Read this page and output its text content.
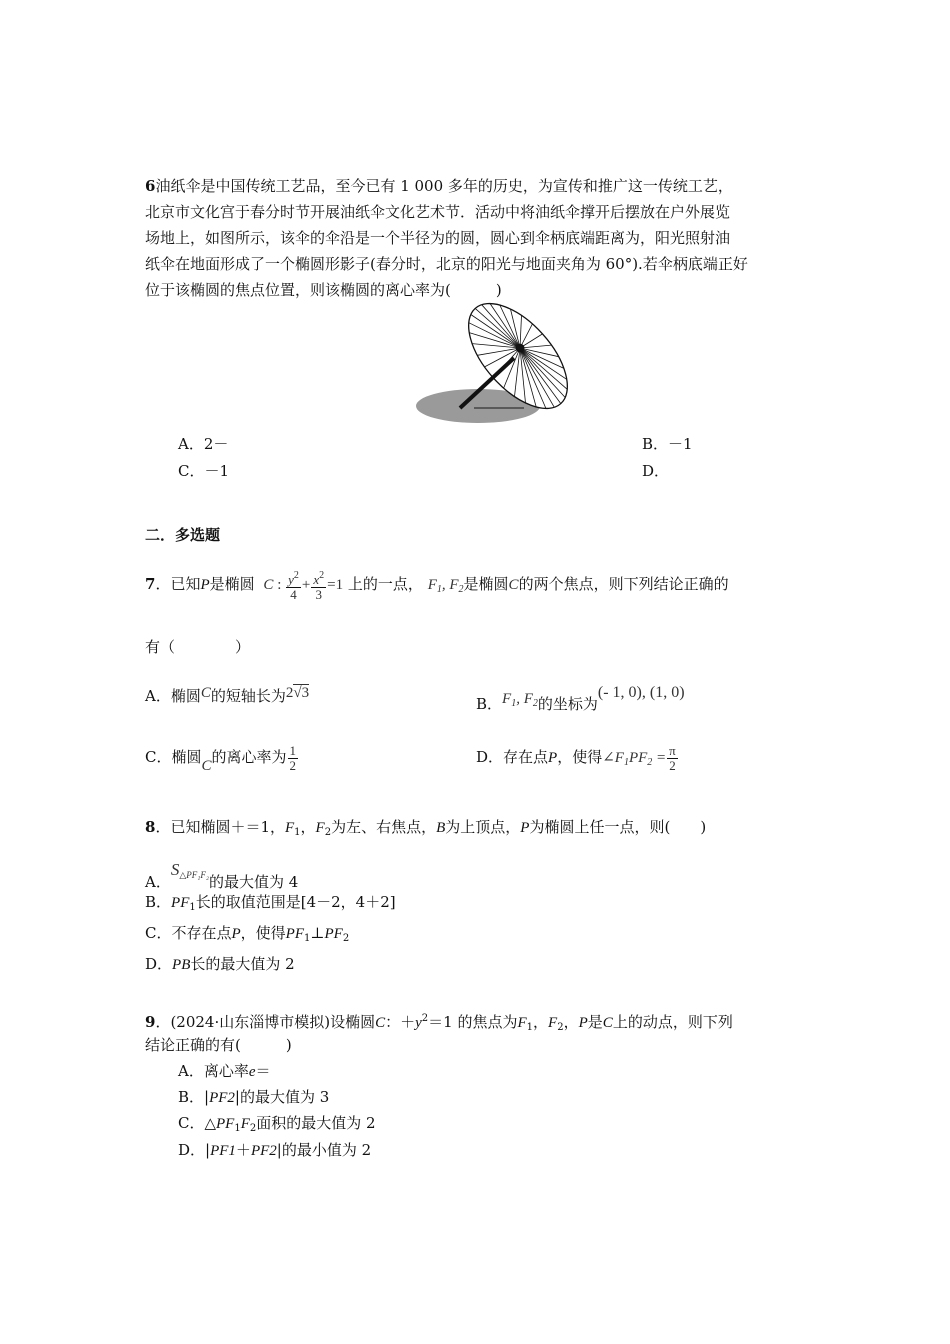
6油纸伞是中国传统工艺品，至今已有 1 000 多年的历史，为宣传和推广这一传统工艺，
北京市文化宫于春分时节开展油纸伞文化艺术节．活动中将油纸伞撑开后摆放在户外展览
场地上，如图所示，该伞的伞沿是一个半径为的圆，圆心到伞柄底端距离为，阳光照射油
纸伞在地面形成了一个椭圆形影子(春分时，北京的阳光与地面夹角为 60°).若伞柄底端正好
位于该椭圆的焦点位置，则该椭圆的离心率为(　　　)
A．2－	B．－1
C．－1	D．
二．多选题
7．已知P是椭圆 C : $\frac{y^2}{4} + \frac{x^2}{3} =1$ 上的一点， $F_1$, $F_2$是椭圆C的两个焦点，则下列结论正确的
有（　　　　）
A．椭圆C的短轴长为2√3
B．$F_1$, $F_2$的坐标为(- 1, 0), (1, 0)
C．椭圆C的离心率为 $\frac{1}{2}$	D．存在点P，使得$\angle F_1PF_2 = \frac{\pi}{2}$
8．已知椭圆＋＝1，$F_1$，$F_2$为左、右焦点，B为上顶点，P为椭圆上任一点，则(　　)
A．$S_{\triangle PF_1F_2}$的最大值为 4
B．$PF_1$长的取值范围是[4－2，4＋2]
C．不存在点P，使得$PF_1\perp PF_2$
D．PB长的最大值为 2
9．(2024·山东淄博市模拟)设椭圆C：$+y^2=1$ 的焦点为$F_1$，$F_2$，P是C上的动点，则下列
结论正确的有(　　　)
A．离心率e＝
B．|PF2|的最大值为 3
C．$\triangle PF_1F_2$面积的最大值为 2
D．|PF1＋PF2|的最小值为 2
